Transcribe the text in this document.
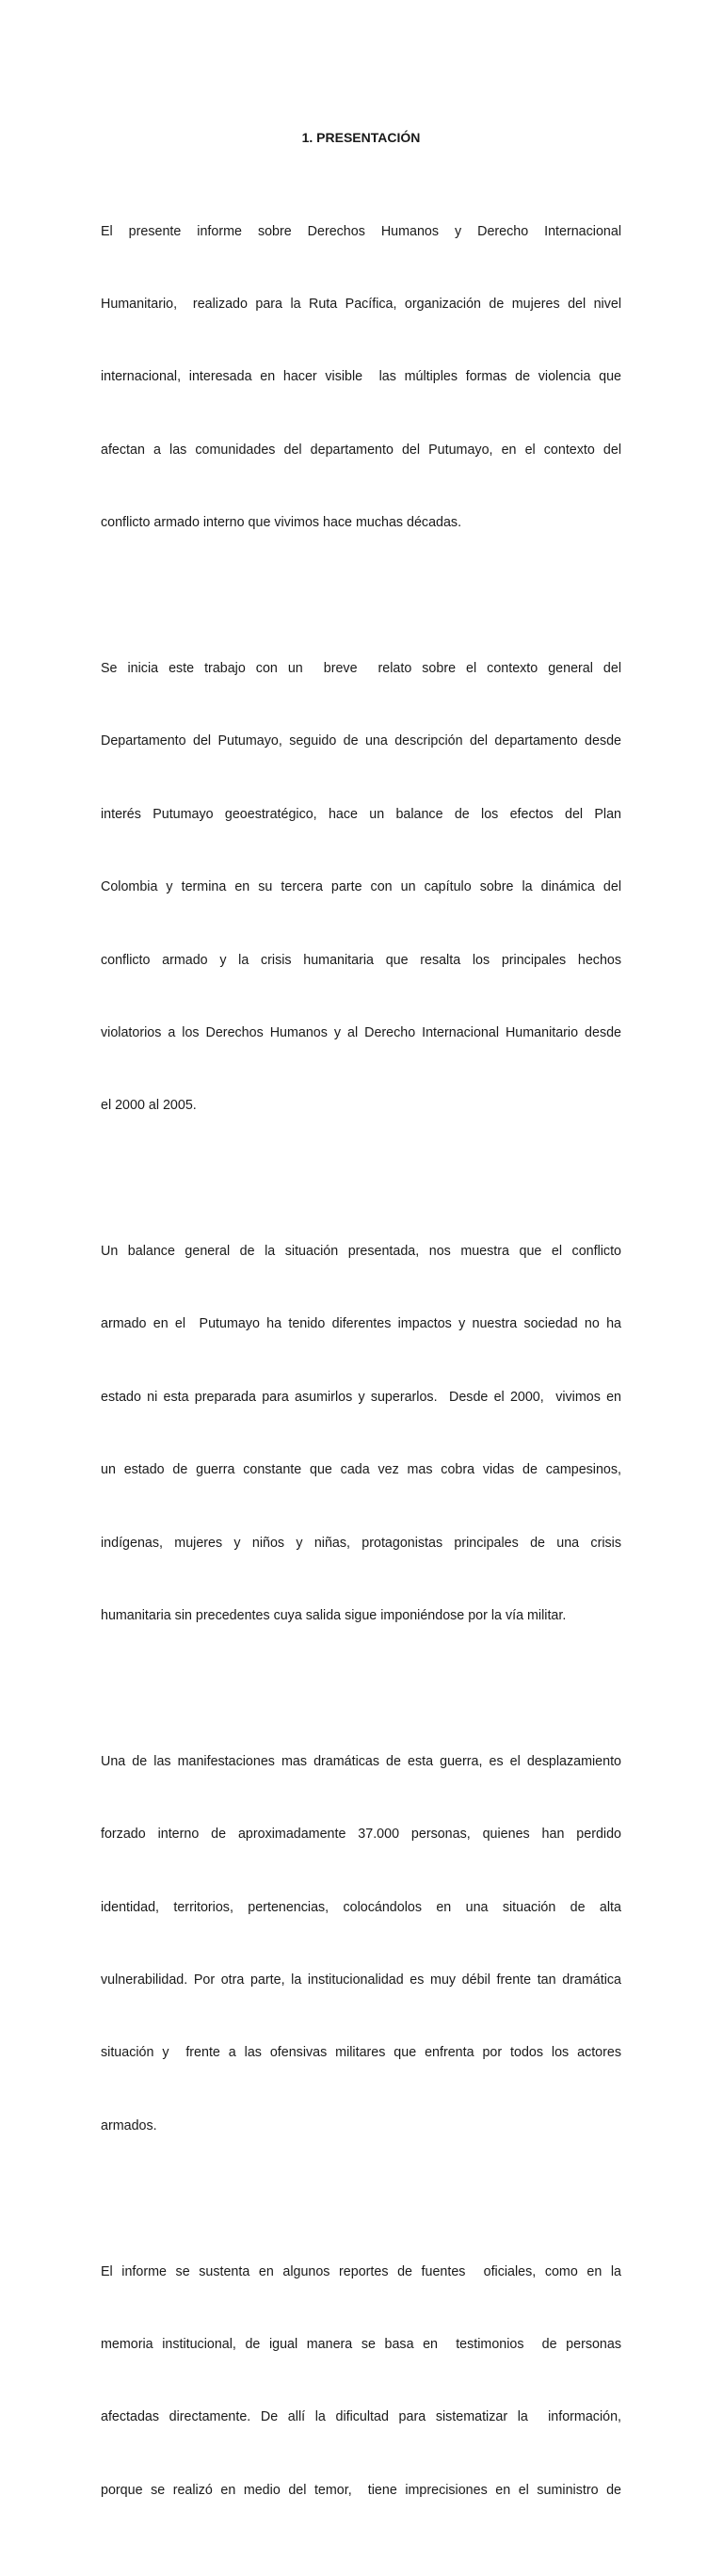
1. PRESENTACIÓN

El presente informe sobre Derechos Humanos y Derecho Internacional

Humanitario,  realizado para la Ruta Pacífica, organización de mujeres del nivel

internacional, interesada en hacer visible  las múltiples formas de violencia que

afectan a las comunidades del departamento del Putumayo, en el contexto del

conflicto armado interno que vivimos hace muchas décadas.

Se inicia este trabajo con un  breve  relato sobre el contexto general del

Departamento del Putumayo, seguido de una descripción del departamento desde

interés Putumayo geoestratégico, hace un balance de los efectos del Plan

Colombia y termina en su tercera parte con un capítulo sobre la dinámica del

conflicto armado y la crisis humanitaria que resalta los principales hechos

violatorios a los Derechos Humanos y al Derecho Internacional Humanitario desde

el 2000 al 2005.

Un balance general de la situación presentada, nos muestra que el conflicto

armado en el  Putumayo ha tenido diferentes impactos y nuestra sociedad no ha

estado ni esta preparada para asumirlos y superarlos.  Desde el 2000,  vivimos en

un estado de guerra constante que cada vez mas cobra vidas de campesinos,

indígenas, mujeres y niños y niñas, protagonistas principales de una crisis

humanitaria sin precedentes cuya salida sigue imponiéndose por la vía militar.

Una de las manifestaciones mas dramáticas de esta guerra, es el desplazamiento

forzado interno de aproximadamente 37.000 personas, quienes han perdido

identidad, territorios, pertenencias, colocándolos en una situación de alta

vulnerabilidad. Por otra parte, la institucionalidad es muy débil frente tan dramática

situación y  frente a las ofensivas militares que enfrenta por todos los actores

armados.

El informe se sustenta en algunos reportes de fuentes  oficiales, como en la

memoria institucional, de igual manera se basa en  testimonios  de personas

afectadas directamente. De allí la dificultad para sistematizar la  información,

porque se realizó en medio del temor,  tiene imprecisiones en el suministro de
